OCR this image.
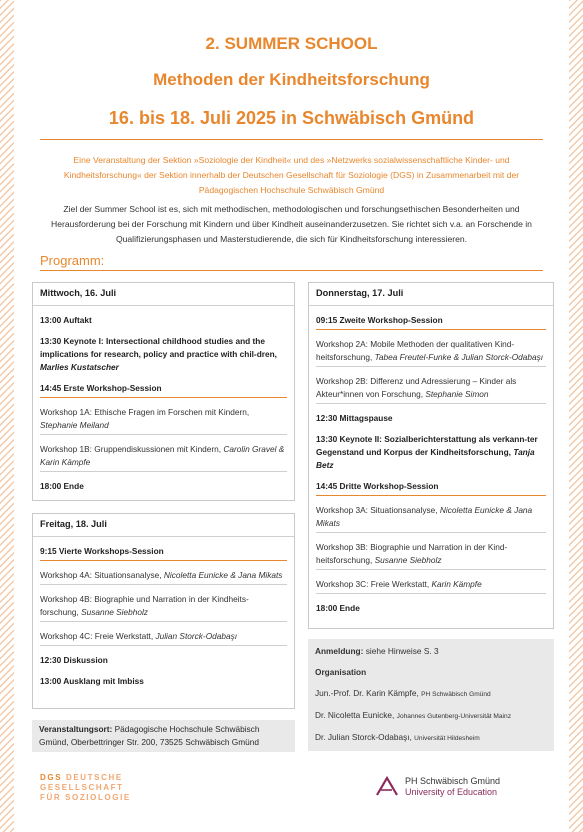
2. SUMMER SCHOOL
Methoden der Kindheitsforschung
16. bis 18. Juli 2025 in Schwäbisch Gmünd
Eine Veranstaltung der Sektion »Soziologie der Kindheit« und des »Netzwerks sozialwissenschaftliche Kinder- und Kindheitsforschung« der Sektion innerhalb der Deutschen Gesellschaft für Soziologie (DGS) in Zusammenarbeit mit der Pädagogischen Hochschule Schwäbisch Gmünd
Ziel der Summer School ist es, sich mit methodischen, methodologischen und forschungsethischen Besonderheiten und Herausforderung bei der Forschung mit Kindern und über Kindheit auseinanderzusetzen. Sie richtet sich v.a. an Forschende in Qualifizierungsphasen und Masterstudierende, die sich für Kindheitsforschung interessieren.
Programm:
Mittwoch, 16. Juli
13:00 Auftakt
13:30 Keynote I: Intersectional childhood studies and the implications for research, policy and practice with chil-dren, Marlies Kustatscher
14:45 Erste Workshop-Session
Workshop 1A: Ethische Fragen im Forschen mit Kindern, Stephanie Meiland
Workshop 1B: Gruppendiskussionen mit Kindern, Carolin Gravel & Karin Kämpfe
18:00 Ende
Freitag, 18. Juli
9:15 Vierte Workshops-Session
Workshop 4A: Situationsanalyse, Nicoletta Eunicke & Jana Mikats
Workshop 4B: Biographie und Narration in der Kindheits-forschung, Susanne Siebholz
Workshop 4C: Freie Werkstatt, Julian Storck-Odabaşı
12:30 Diskussion
13:00 Ausklang mit Imbiss
Donnerstag, 17. Juli
09:15 Zweite Workshop-Session
Workshop 2A: Mobile Methoden der qualitativen Kind-heitsforschung, Tabea Freutel-Funke & Julian Storck-Odabaşı
Workshop 2B: Differenz und Adressierung – Kinder als Akteur*innen von Forschung, Stephanie Simon
12:30 Mittagspause
13:30 Keynote II: Sozialberichterstattung als verkann-ter Gegenstand und Korpus der Kindheitsforschung, Tanja Betz
14:45 Dritte Workshop-Session
Workshop 3A: Situationsanalyse, Nicoletta Eunicke & Jana Mikats
Workshop 3B: Biographie und Narration in der Kind-heitsforschung, Susanne Siebholz
Workshop 3C: Freie Werkstatt, Karin Kämpfe
18:00 Ende
Anmeldung: siehe Hinweise S. 3
Organisation
Jun.-Prof. Dr. Karin Kämpfe, PH Schwäbisch Gmünd
Dr. Nicoletta Eunicke, Johannes Gutenberg-Universität Mainz
Dr. Julian Storck-Odabaşı, Universität Hildesheim
Veranstaltungsort: Pädagogische Hochschule Schwäbisch Gmünd, Oberbettringer Str. 200, 73525 Schwäbisch Gmünd
DGS DEUTSCHE
GESELLSCHAFT
FÜR SOZIOLOGIE
PH Schwäbisch Gmünd
University of Education
